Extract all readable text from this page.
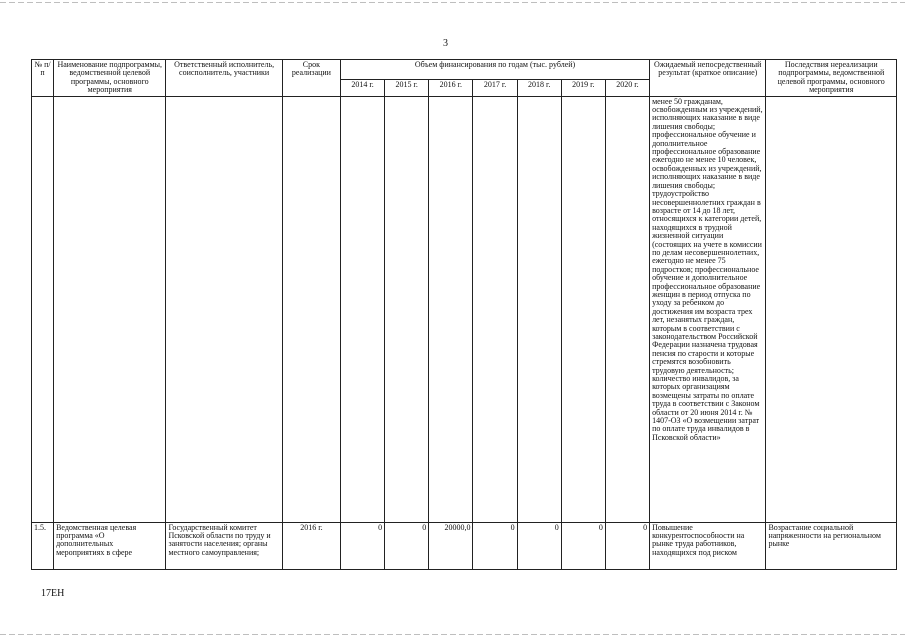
3
№ п/п	Наименование подпрограммы, ведомственной целевой программы, основного мероприятия	Ответственный исполнитель, соисполнитель, участники	Срок реализации	Объем финансирования по годам (тыс. рублей)							Ожидаемый непосредственный результат (краткое описание)	Последствия нереализации подпрограммы, ведомственной целевой программы, основного мероприятия
				2014 г.	2015 г.	2016 г.	2017 г.	2018 г.	2019 г.	2020 г.		
											менее 50 гражданам, освобожденным из учреждений, исполняющих наказание в виде лишения свободы; профессиональное обучение и дополнительное профессиональное образование ежегодно не менее 10 человек, освобожденных из учреждений, исполняющих наказание в виде лишения свободы; трудоустройство несовершеннолетних граждан в возрасте от 14 до 18 лет, относящихся к категории детей, находящихся в трудной жизненной ситуации (состоящих на учете в комиссии по делам несовершеннолетних, ежегодно не менее 75 подростков; профессиональное обучение и дополнительное профессиональное образование женщин в период отпуска по уходу за ребенком до достижения им возраста трех лет, незанятых граждан, которым в соответствии с законодательством Российской Федерации назначена трудовая пенсия по старости и которые стремятся возобновить трудовую деятельность; количество инвалидов, за которых организациям возмещены затраты по оплате труда в соответствии с Законом области от 20 июня 2014 г. № 1407-ОЗ «О возмещении затрат по оплате труда инвалидов в Псковской области»	
1.5.	Ведомственная целевая программа «О дополнительных мероприятиях в сфере	Государственный комитет Псковской области по труду и занятости населения; органы местного самоуправления;	2016 г.	0	0	20000,0	0	0	0	0	Повышение конкурентоспособности на рынке труда работников, находящихся под риском	Возрастание социальной напряженности на региональном рынке
17EH
